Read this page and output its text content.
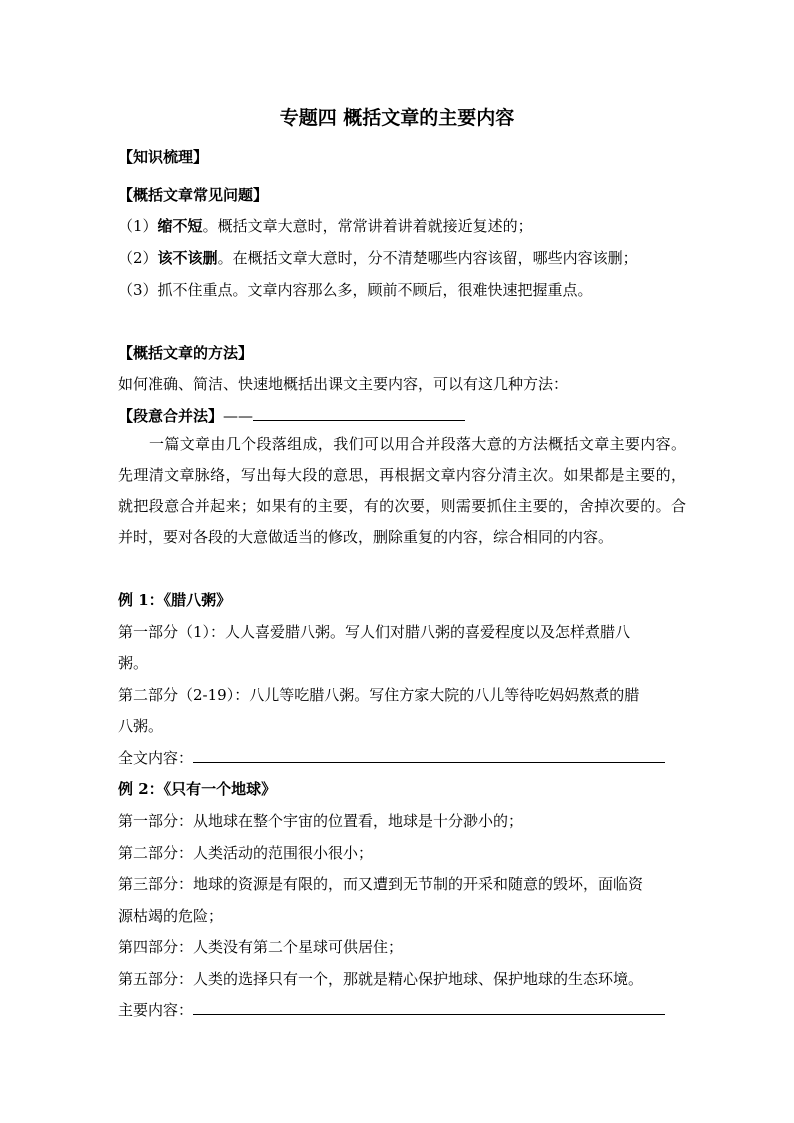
专题四 概括文章的主要内容
【知识梳理】
【概括文章常见问题】
（1）缩不短。概括文章大意时，常常讲着讲着就接近复述的；
（2）该不该删。在概括文章大意时，分不清楚哪些内容该留，哪些内容该删；
（3）抓不住重点。文章内容那么多，顾前不顾后，很难快速把握重点。
【概括文章的方法】
如何准确、简洁、快速地概括出课文主要内容，可以有这几种方法：
【段意合并法】——
一篇文章由几个段落组成，我们可以用合并段落大意的方法概括文章主要内容。先理清文章脉络，写出每大段的意思，再根据文章内容分清主次。如果都是主要的，就把段意合并起来；如果有的主要，有的次要，则需要抓住主要的，舍掉次要的。合并时，要对各段的大意做适当的修改，删除重复的内容，综合相同的内容。
例 1：《腊八粥》
第一部分（1）：人人喜爱腊八粥。写人们对腊八粥的喜爱程度以及怎样煮腊八
粥。
第二部分（2-19）：八儿等吃腊八粥。写住方家大院的八儿等待吃妈妈熬煮的腊
八粥。
全文内容：
例 2：《只有一个地球》
第一部分：从地球在整个宇宙的位置看，地球是十分渺小的；
第二部分：人类活动的范围很小很小；
第三部分：地球的资源是有限的，而又遭到无节制的开采和随意的毁坏，面临资
源枯竭的危险；
第四部分：人类没有第二个星球可供居住；
第五部分：人类的选择只有一个，那就是精心保护地球、保护地球的生态环境。
主要内容：
